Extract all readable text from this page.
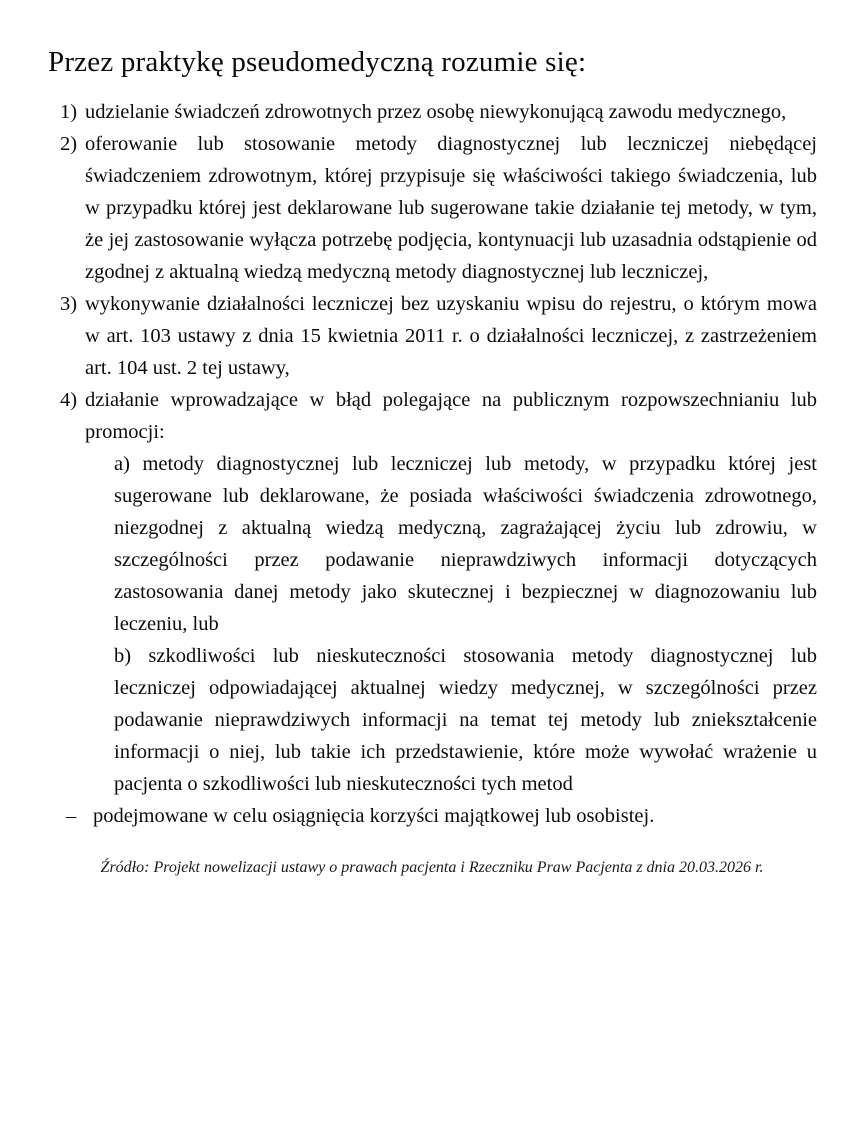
Przez praktykę pseudomedyczną rozumie się:
1) udzielanie świadczeń zdrowotnych przez osobę niewykonującą zawodu medycznego,
2) oferowanie lub stosowanie metody diagnostycznej lub leczniczej niebędącej świadczeniem zdrowotnym, której przypisuje się właściwości takiego świadczenia, lub w przypadku której jest deklarowane lub sugerowane takie działanie tej metody, w tym, że jej zastosowanie wyłącza potrzebę podjęcia, kontynuacji lub uzasadnia odstąpienie od zgodnej z aktualną wiedzą medyczną metody diagnostycznej lub leczniczej,
3) wykonywanie działalności leczniczej bez uzyskaniu wpisu do rejestru, o którym mowa w art. 103 ustawy z dnia 15 kwietnia 2011 r. o działalności leczniczej, z zastrzeżeniem art. 104 ust. 2 tej ustawy,
4) działanie wprowadzające w błąd polegające na publicznym rozpowszechnianiu lub promocji:
a) metody diagnostycznej lub leczniczej lub metody, w przypadku której jest sugerowane lub deklarowane, że posiada właściwości świadczenia zdrowotnego, niezgodnej z aktualną wiedzą medyczną, zagrażającej życiu lub zdrowiu, w szczególności przez podawanie nieprawdziwych informacji dotyczących zastosowania danej metody jako skutecznej i bezpiecznej w diagnozowaniu lub leczeniu, lub
b) szkodliwości lub nieskuteczności stosowania metody diagnostycznej lub leczniczej odpowiadającej aktualnej wiedzy medycznej, w szczególności przez podawanie nieprawdziwych informacji na temat tej metody lub zniekształcenie informacji o niej, lub takie ich przedstawienie, które może wywołać wrażenie u pacjenta o szkodliwości lub nieskuteczności tych metod
– podejmowane w celu osiągnięcia korzyści majątkowej lub osobistej.
Źródło: Projekt nowelizacji ustawy o prawach pacjenta i Rzeczniku Praw Pacjenta z dnia 20.03.2026 r.
